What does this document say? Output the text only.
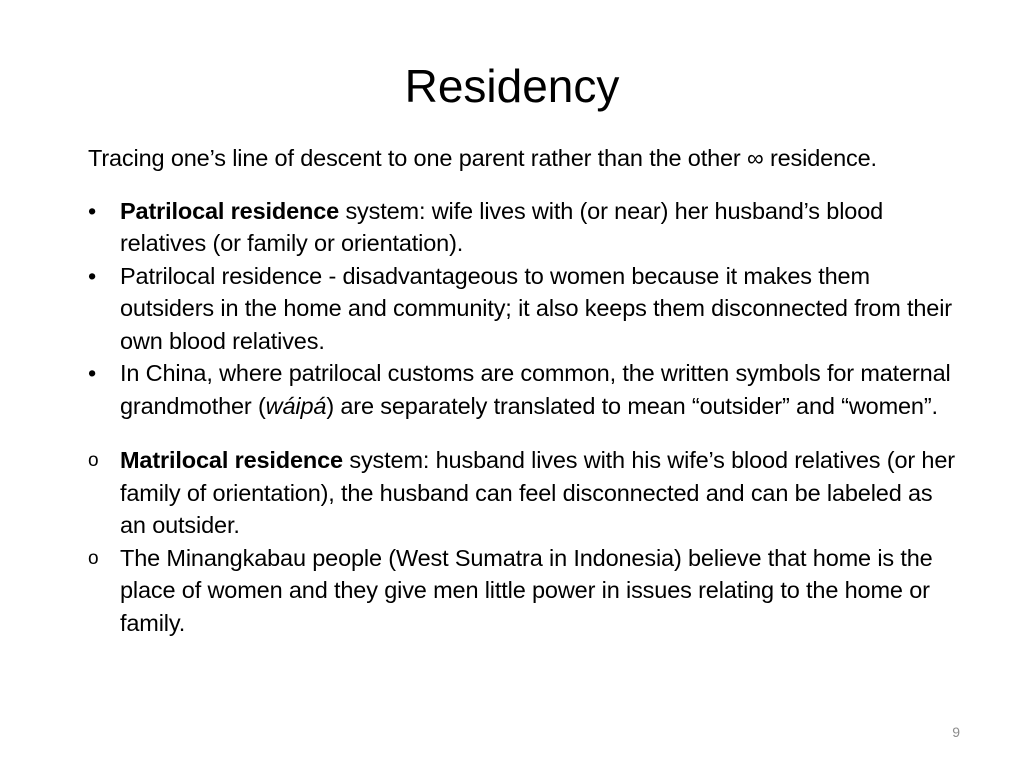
Residency

Tracing one’s line of descent to one parent rather than the other ∞ residence.

•	Patrilocal residence system: wife lives with (or near) her husband’s blood relatives (or family or orientation).
•	Patrilocal residence - disadvantageous to women because it makes them outsiders in the home and community; it also keeps them disconnected from their own blood relatives.
•	In China, where patrilocal customs are common, the written symbols for maternal grandmother (wáipá) are separately translated to mean “outsider” and “women”.
o Matrilocal residence system: husband lives with his wife’s blood relatives (or her family of orientation), the husband can feel disconnected and can be labeled as an outsider.
o The Minangkabau people (West Sumatra in Indonesia) believe that home is the place of women and they give men little power in issues relating to the home or family.
9
